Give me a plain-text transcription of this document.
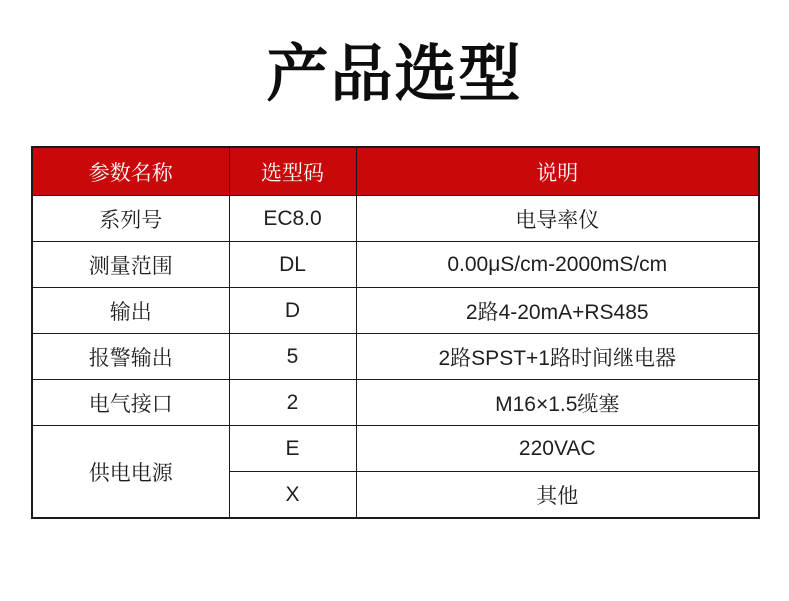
产品选型
参数名称	选型码	说明
系列号	EC8.0	电导率仪
测量范围	DL	0.00μS/cm-2000mS/cm
输出	D	2路4-20mA+RS485
报警输出	5	2路SPST+1路时间继电器
电气接口	2	M16×1.5缆塞
供电电源	E	220VAC
	X	其他
